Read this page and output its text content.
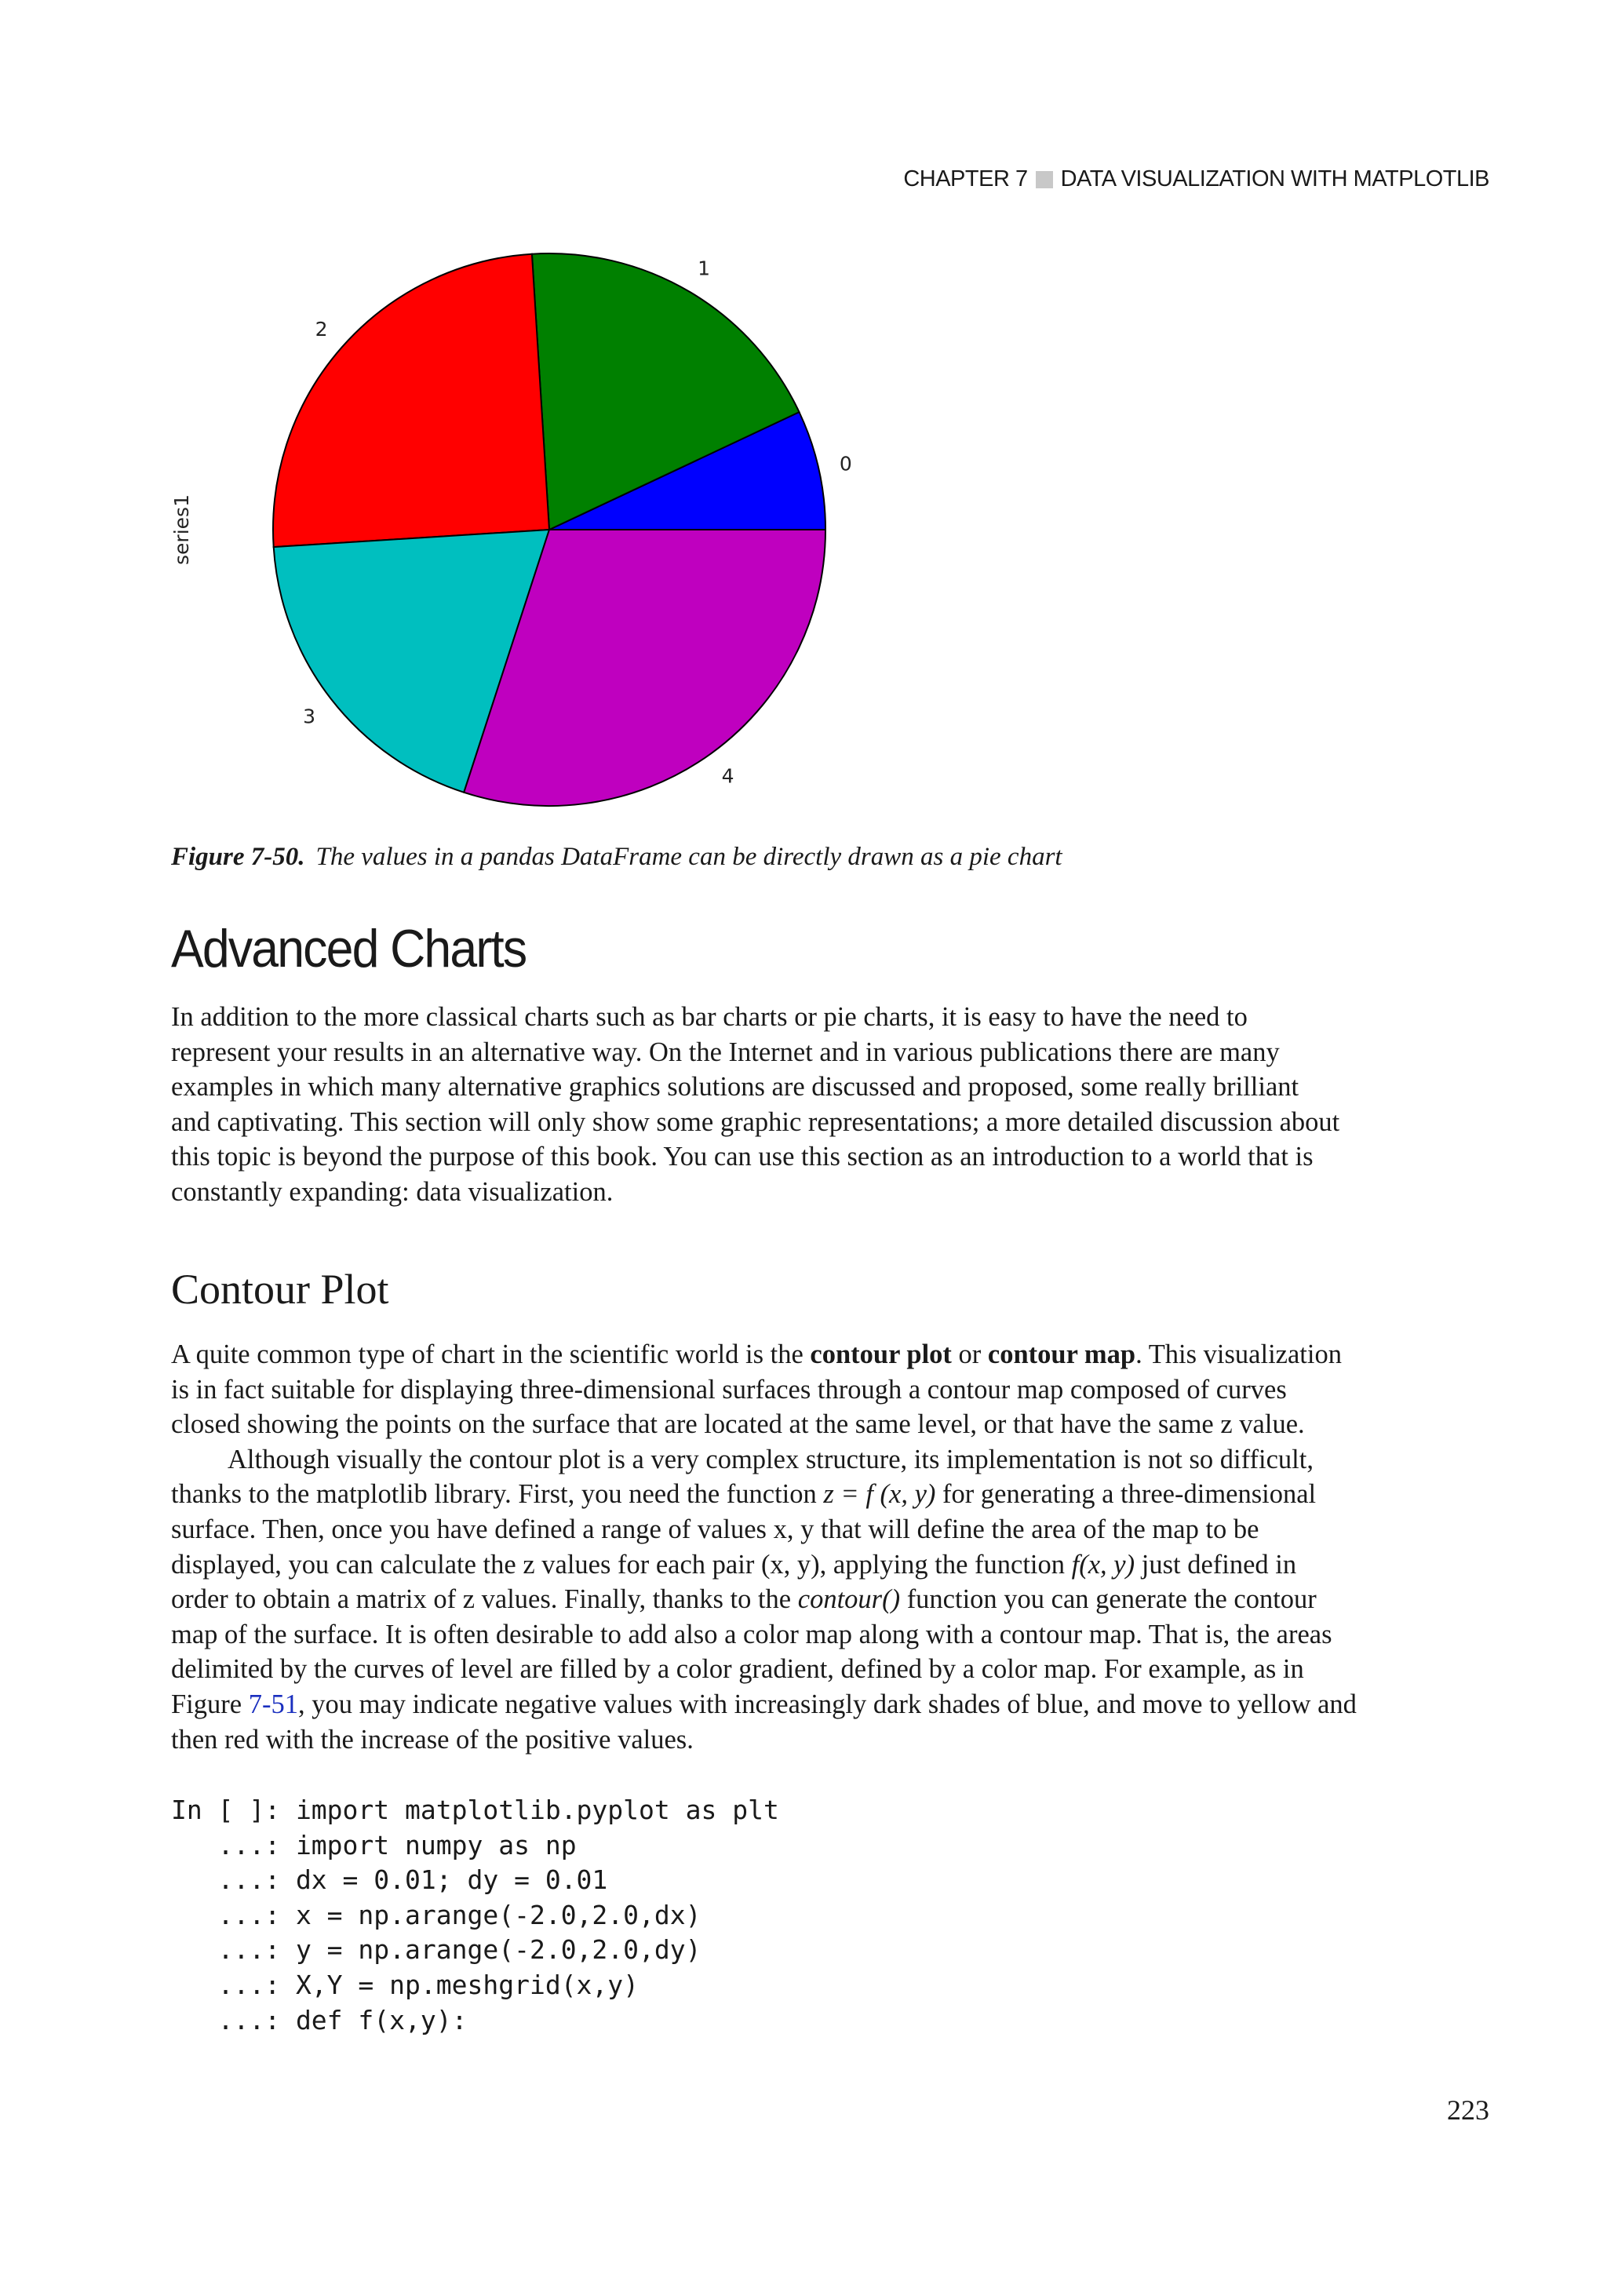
CHAPTER 7 DATA VISUALIZATION WITH MATPLOTLIB
0
1
2
3
4
series1
Figure 7-50. The values in a pandas DataFrame can be directly drawn as a pie chart
Advanced Charts
In addition to the more classical charts such as bar charts or pie charts, it is easy to have the need to
represent your results in an alternative way. On the Internet and in various publications there are many
examples in which many alternative graphics solutions are discussed and proposed, some really brilliant
and captivating. This section will only show some graphic representations; a more detailed discussion about
this topic is beyond the purpose of this book. You can use this section as an introduction to a world that is
constantly expanding: data visualization.
Contour Plot
A quite common type of chart in the scientific world is the contour plot or contour map. This visualization
is in fact suitable for displaying three-dimensional surfaces through a contour map composed of curves
closed showing the points on the surface that are located at the same level, or that have the same z value.
Although visually the contour plot is a very complex structure, its implementation is not so difficult,
thanks to the matplotlib library. First, you need the function z = f (x, y) for generating a three-dimensional
surface. Then, once you have defined a range of values x, y that will define the area of the map to be
displayed, you can calculate the z values for each pair (x, y), applying the function f(x, y) just defined in
order to obtain a matrix of z values. Finally, thanks to the contour() function you can generate the contour
map of the surface. It is often desirable to add also a color map along with a contour map. That is, the areas
delimited by the curves of level are filled by a color gradient, defined by a color map. For example, as in
Figure 7-51, you may indicate negative values with increasingly dark shades of blue, and move to yellow and
then red with the increase of the positive values.
In [ ]: import matplotlib.pyplot as plt
...: import numpy as np
...: dx = 0.01; dy = 0.01
...: x = np.arange(-2.0,2.0,dx)
...: y = np.arange(-2.0,2.0,dy)
...: X,Y = np.meshgrid(x,y)
...: def f(x,y):
223
